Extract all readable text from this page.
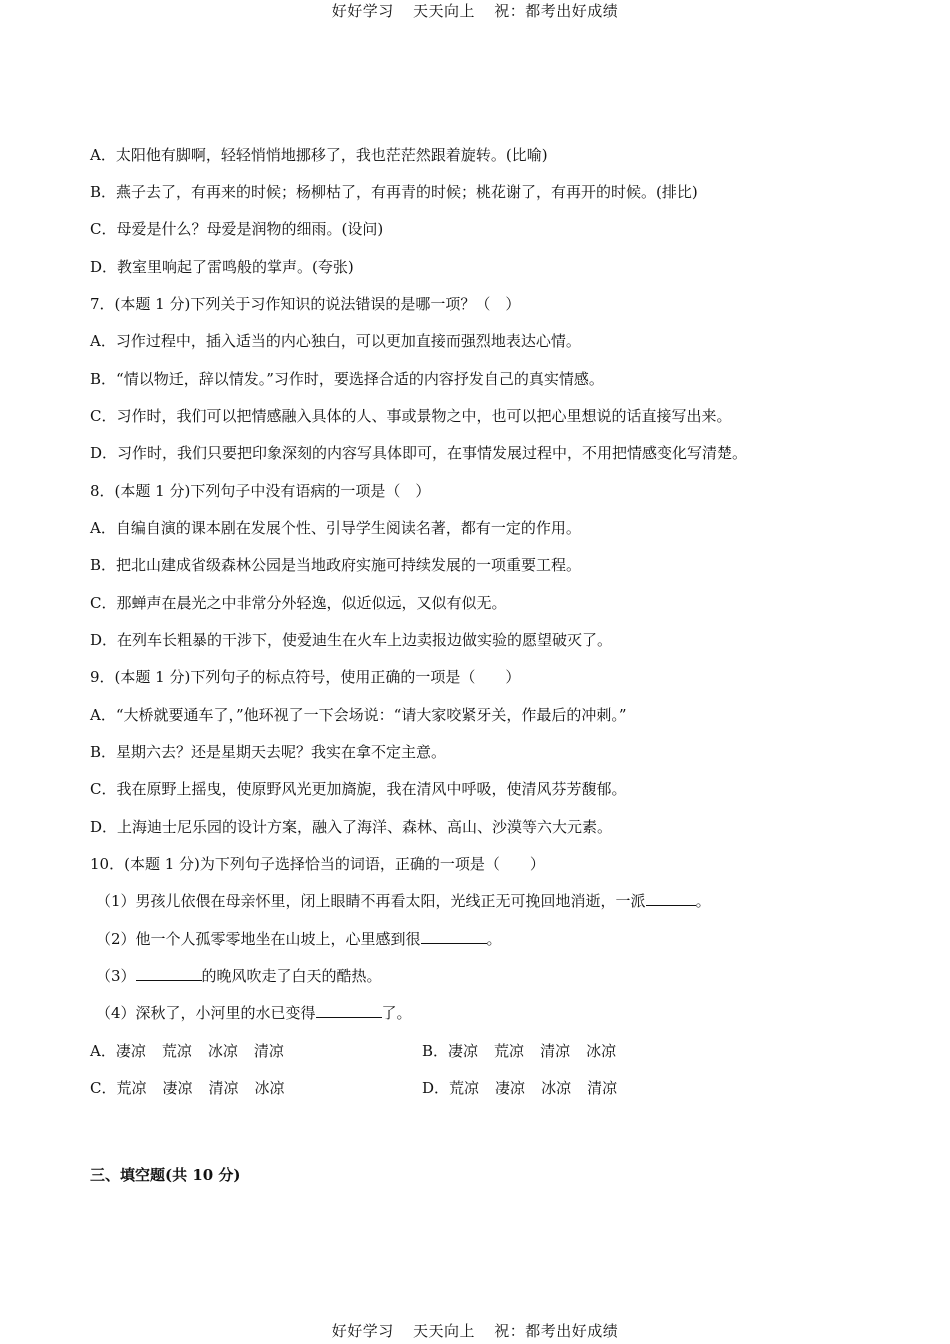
好好学习 天天向上 祝：都考出好成绩
A．太阳他有脚啊，轻轻悄悄地挪移了，我也茫茫然跟着旋转。(比喻)
B．燕子去了，有再来的时候；杨柳枯了，有再青的时候；桃花谢了，有再开的时候。(排比)
C．母爱是什么？母爱是润物的细雨。(设问)
D．教室里响起了雷鸣般的掌声。(夸张)
7．(本题 1 分)下列关于习作知识的说法错误的是哪一项？（　）
A．习作过程中，插入适当的内心独白，可以更加直接而强烈地表达心情。
B．“情以物迁，辞以情发。”习作时，要选择合适的内容抒发自己的真实情感。
C．习作时，我们可以把情感融入具体的人、事或景物之中，也可以把心里想说的话直接写出来。
D．习作时，我们只要把印象深刻的内容写具体即可，在事情发展过程中，不用把情感变化写清楚。
8．(本题 1 分)下列句子中没有语病的一项是（　）
A．自编自演的课本剧在发展个性、引导学生阅读名著，都有一定的作用。
B．把北山建成省级森林公园是当地政府实施可持续发展的一项重要工程。
C．那蝉声在晨光之中非常分外轻逸，似近似远，又似有似无。
D．在列车长粗暴的干涉下，使爱迪生在火车上边卖报边做实验的愿望破灭了。
9．(本题 1 分)下列句子的标点符号，使用正确的一项是（　　）
A．“大桥就要通车了，”他环视了一下会场说：“请大家咬紧牙关，作最后的冲刺。”
B．星期六去？还是星期天去呢？我实在拿不定主意。
C．我在原野上摇曳，使原野风光更加旖旎，我在清风中呼吸，使清风芬芳馥郁。
D．上海迪士尼乐园的设计方案，融入了海洋、森林、高山、沙漠等六大元素。
10．(本题 1 分)为下列句子选择恰当的词语，正确的一项是（　　）
（1）男孩儿依偎在母亲怀里，闭上眼睛不再看太阳，光线正无可挽回地消逝，一派	。
（2）他一个人孤零零地坐在山坡上，心里感到很	。
（3）	的晚风吹走了白天的酷热。
（4）深秋了，小河里的水已变得	了。
A．凄凉 荒凉 冰凉 清凉	B．凄凉 荒凉 清凉 冰凉
C．荒凉 凄凉 清凉 冰凉	D．荒凉 凄凉 冰凉 清凉
三、填空题(共 10 分)
好好学习 天天向上 祝：都考出好成绩
